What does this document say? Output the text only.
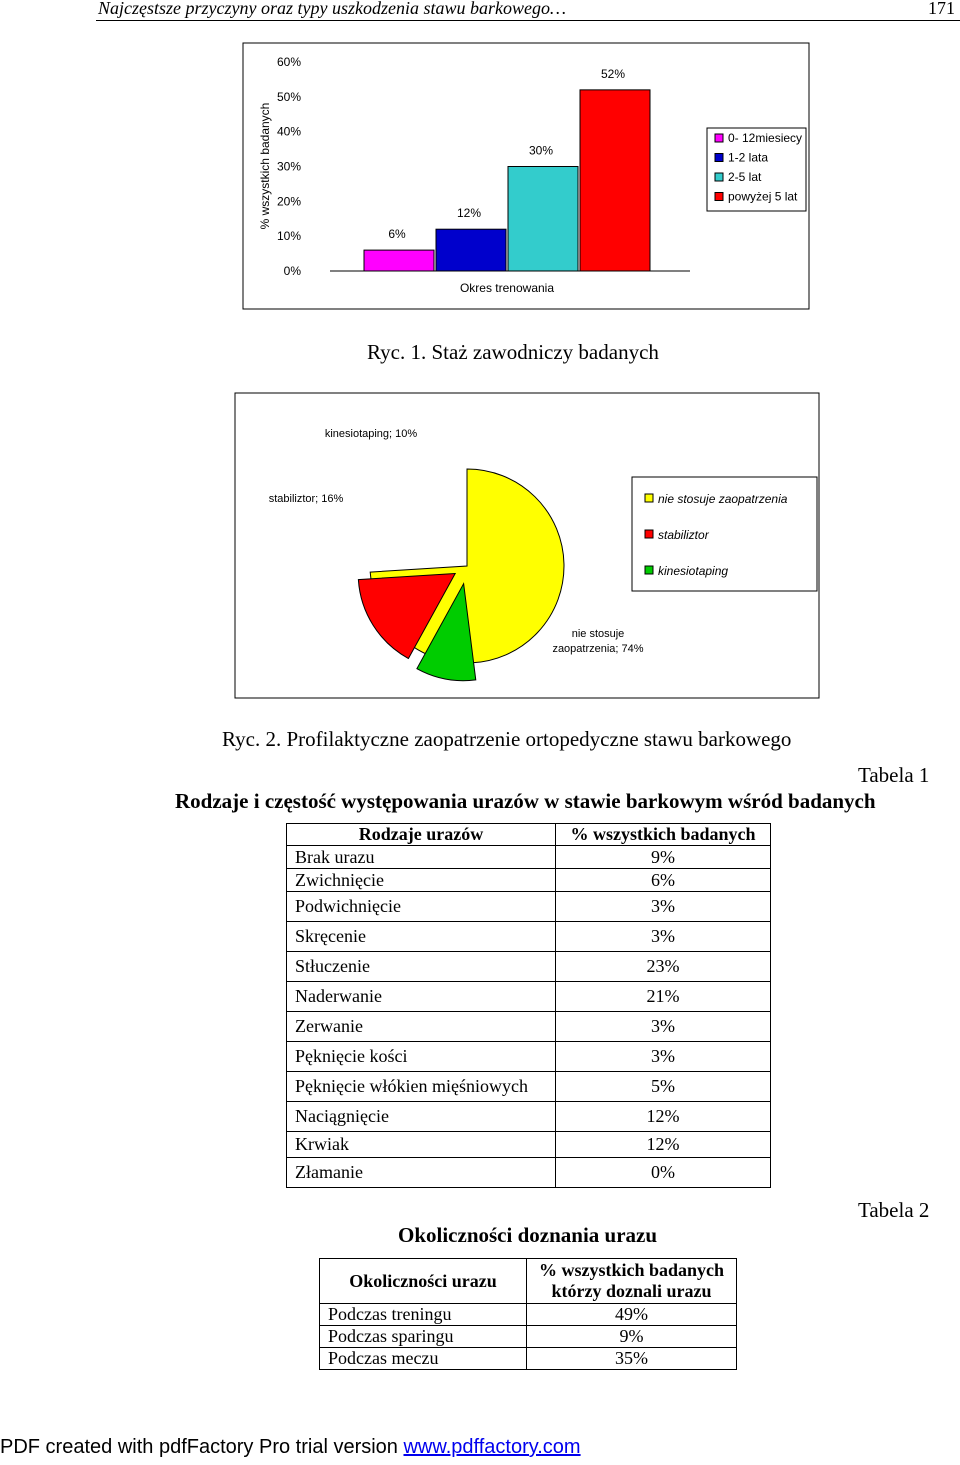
Najczęstsze przyczyny oraz typy uszkodzenia stawu barkowego…	171
0%
10%
20%
30%
40%
50%
60%
% wszystkich badanych
6%
12%
30%
52%
Okres trenowania
0- 12miesiecy
1-2 lata
2-5 lat
powyżej 5 lat
Ryc. 1. Staż zawodniczy badanych
nie stosuje
zaopatrzenia; 74%
stabiliztor; 16%
kinesiotaping; 10%
nie stosuje zaopatrzenia
stabiliztor
kinesiotaping
Ryc. 2. Profilaktyczne zaopatrzenie ortopedyczne stawu barkowego
Tabela 1
Rodzaje i częstość występowania urazów w stawie barkowym wśród badanych
Rodzaje urazów	% wszystkich badanych
Brak urazu	9%
Zwichnięcie	6%
Podwichnięcie	3%
Skręcenie	3%
Stłuczenie	23%
Naderwanie	21%
Zerwanie	3%
Pęknięcie kości	3%
Pęknięcie włókien mięśniowych	5%
Naciągnięcie	12%
Krwiak	12%
Złamanie	0%
Tabela 2
Okoliczności doznania urazu
Okoliczności urazu	% wszystkich badanych
którzy doznali urazu

Podczas treningu	49%
Podczas sparingu	9%
Podczas meczu	35%
PDF created with pdfFactory Pro trial version www.pdffactory.com
